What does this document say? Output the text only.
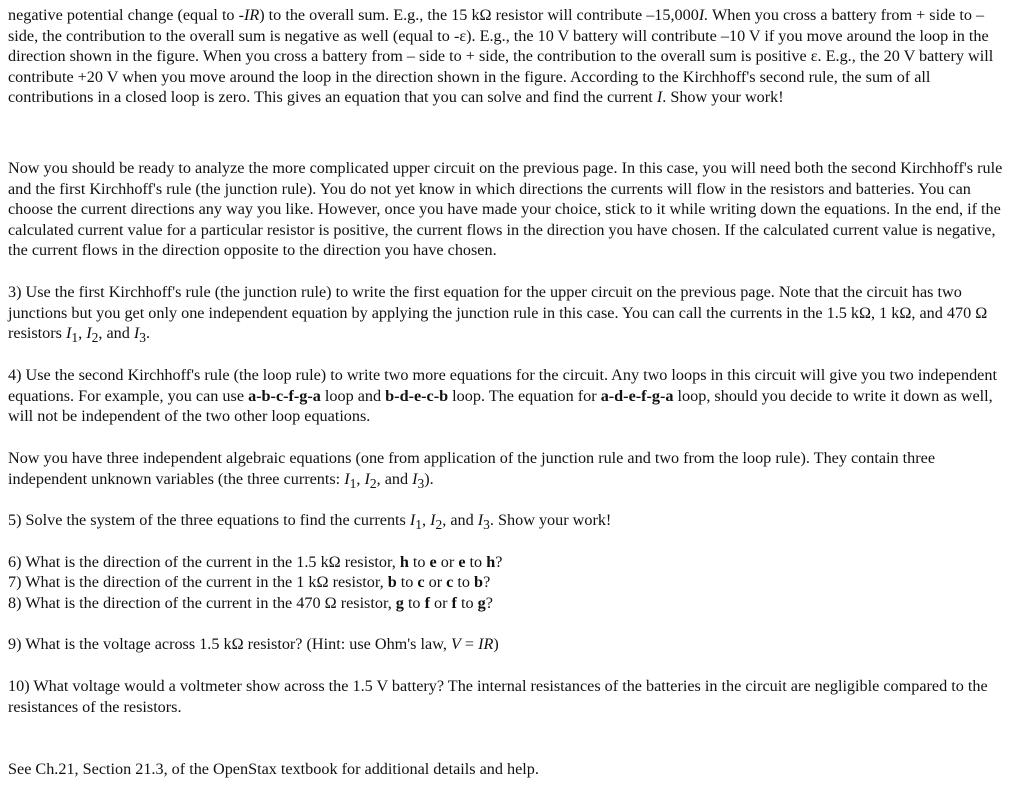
negative potential change (equal to -IR) to the overall sum. E.g., the 15 kΩ resistor will contribute –15,000I. When you cross a battery from + side to – side, the contribution to the overall sum is negative as well (equal to -ε). E.g., the 10 V battery will contribute –10 V if you move around the loop in the direction shown in the figure. When you cross a battery from – side to + side, the contribution to the overall sum is positive ε. E.g., the 20 V battery will contribute +20 V when you move around the loop in the direction shown in the figure. According to the Kirchhoff's second rule, the sum of all contributions in a closed loop is zero. This gives an equation that you can solve and find the current I. Show your work!

Now you should be ready to analyze the more complicated upper circuit on the previous page. In this case, you will need both the second Kirchhoff's rule and the first Kirchhoff's rule (the junction rule). You do not yet know in which directions the currents will flow in the resistors and batteries. You can choose the current directions any way you like. However, once you have made your choice, stick to it while writing down the equations. In the end, if the calculated current value for a particular resistor is positive, the current flows in the direction you have chosen. If the calculated current value is negative, the current flows in the direction opposite to the direction you have chosen.

3) Use the first Kirchhoff's rule (the junction rule) to write the first equation for the upper circuit on the previous page. Note that the circuit has two junctions but you get only one independent equation by applying the junction rule in this case. You can call the currents in the 1.5 kΩ, 1 kΩ, and 470 Ω resistors $I_1$, $I_2$, and $I_3$.

4) Use the second Kirchhoff's rule (the loop rule) to write two more equations for the circuit. Any two loops in this circuit will give you two independent equations. For example, you can use a-b-c-f-g-a loop and b-d-e-c-b loop. The equation for a-d-e-f-g-a loop, should you decide to write it down as well, will not be independent of the two other loop equations.

Now you have three independent algebraic equations (one from application of the junction rule and two from the loop rule). They contain three independent unknown variables (the three currents: $I_1$, $I_2$, and $I_3$).

5) Solve the system of the three equations to find the currents $I_1$, $I_2$, and $I_3$. Show your work!

6) What is the direction of the current in the 1.5 kΩ resistor, h to e or e to h?

7) What is the direction of the current in the 1 kΩ resistor, b to c or c to b?

8) What is the direction of the current in the 470 Ω resistor, g to f or f to g?

9) What is the voltage across 1.5 kΩ resistor? (Hint: use Ohm's law, V = IR)

10) What voltage would a voltmeter show across the 1.5 V battery? The internal resistances of the batteries in the circuit are negligible compared to the resistances of the resistors.

See Ch.21, Section 21.3, of the OpenStax textbook for additional details and help.
